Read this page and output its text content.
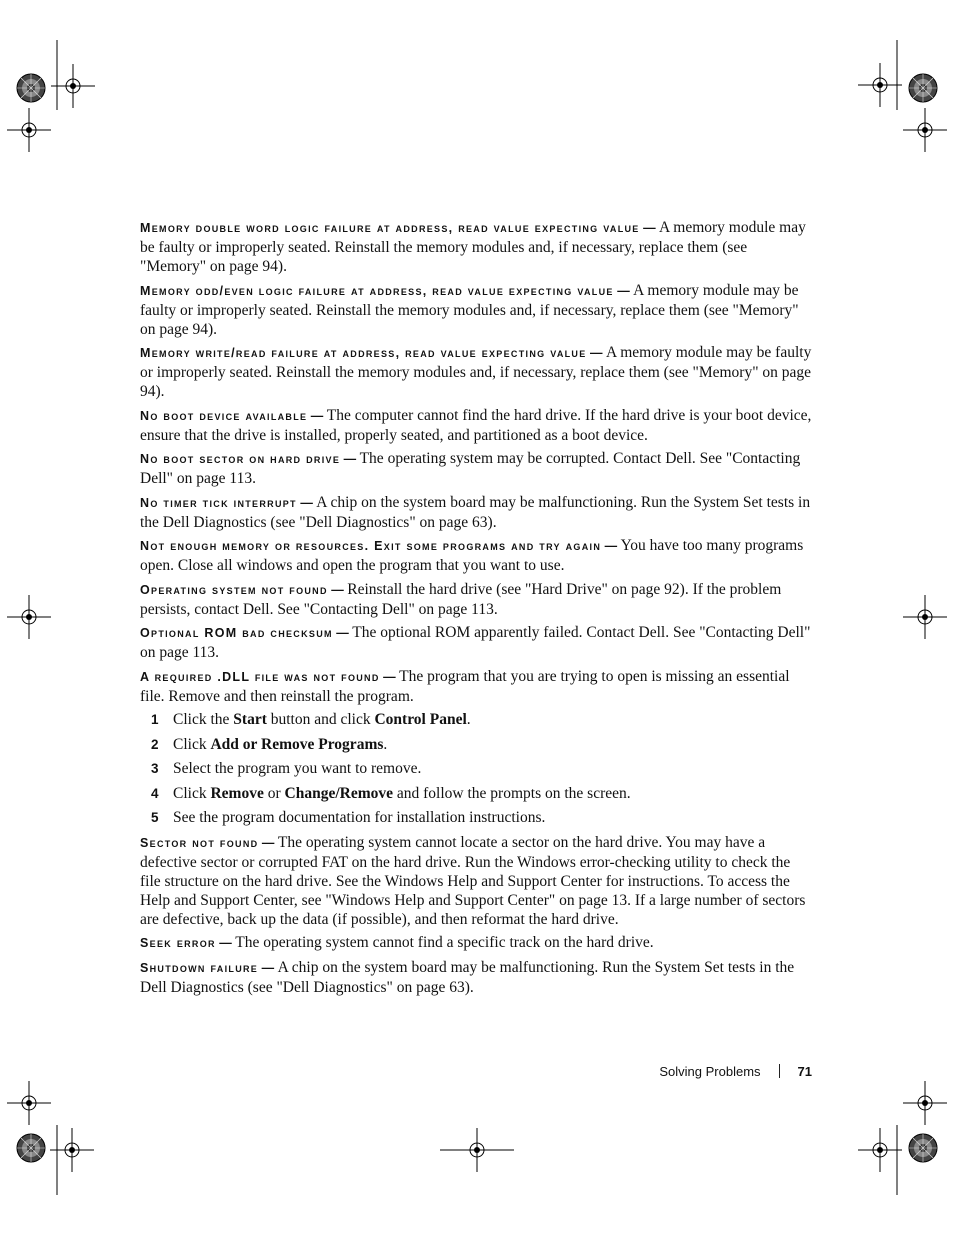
Memory double word logic failure at address, read value expecting value — A memory module may be faulty or improperly seated. Reinstall the memory modules and, if necessary, replace them (see "Memory" on page 94).

Memory odd/even logic failure at address, read value expecting value — A memory module may be faulty or improperly seated. Reinstall the memory modules and, if necessary, replace them (see "Memory" on page 94).

Memory write/read failure at address, read value expecting value — A memory module may be faulty or improperly seated. Reinstall the memory modules and, if necessary, replace them (see "Memory" on page 94).

No boot device available — The computer cannot find the hard drive. If the hard drive is your boot device, ensure that the drive is installed, properly seated, and partitioned as a boot device.

No boot sector on hard drive — The operating system may be corrupted. Contact Dell. See "Contacting Dell" on page 113.

No timer tick interrupt — A chip on the system board may be malfunctioning. Run the System Set tests in the Dell Diagnostics (see "Dell Diagnostics" on page 63).

Not enough memory or resources. Exit some programs and try again — You have too many programs open. Close all windows and open the program that you want to use.

Operating system not found — Reinstall the hard drive (see "Hard Drive" on page 92). If the problem persists, contact Dell. See "Contacting Dell" on page 113.

Optional ROM bad checksum — The optional ROM apparently failed. Contact Dell. See "Contacting Dell" on page 113.

A required .DLL file was not found — The program that you are trying to open is missing an essential file. Remove and then reinstall the program.

1 Click the Start button and click Control Panel.
2 Click Add or Remove Programs.
3 Select the program you want to remove.
4 Click Remove or Change/Remove and follow the prompts on the screen.
5 See the program documentation for installation instructions.

Sector not found — The operating system cannot locate a sector on the hard drive. You may have a defective sector or corrupted FAT on the hard drive. Run the Windows error-checking utility to check the file structure on the hard drive. See the Windows Help and Support Center for instructions. To access the Help and Support Center, see "Windows Help and Support Center" on page 13. If a large number of sectors are defective, back up the data (if possible), and then reformat the hard drive.

Seek error — The operating system cannot find a specific track on the hard drive.

Shutdown failure — A chip on the system board may be malfunctioning. Run the System Set tests in the Dell Diagnostics (see "Dell Diagnostics" on page 63).

Solving Problems	71
